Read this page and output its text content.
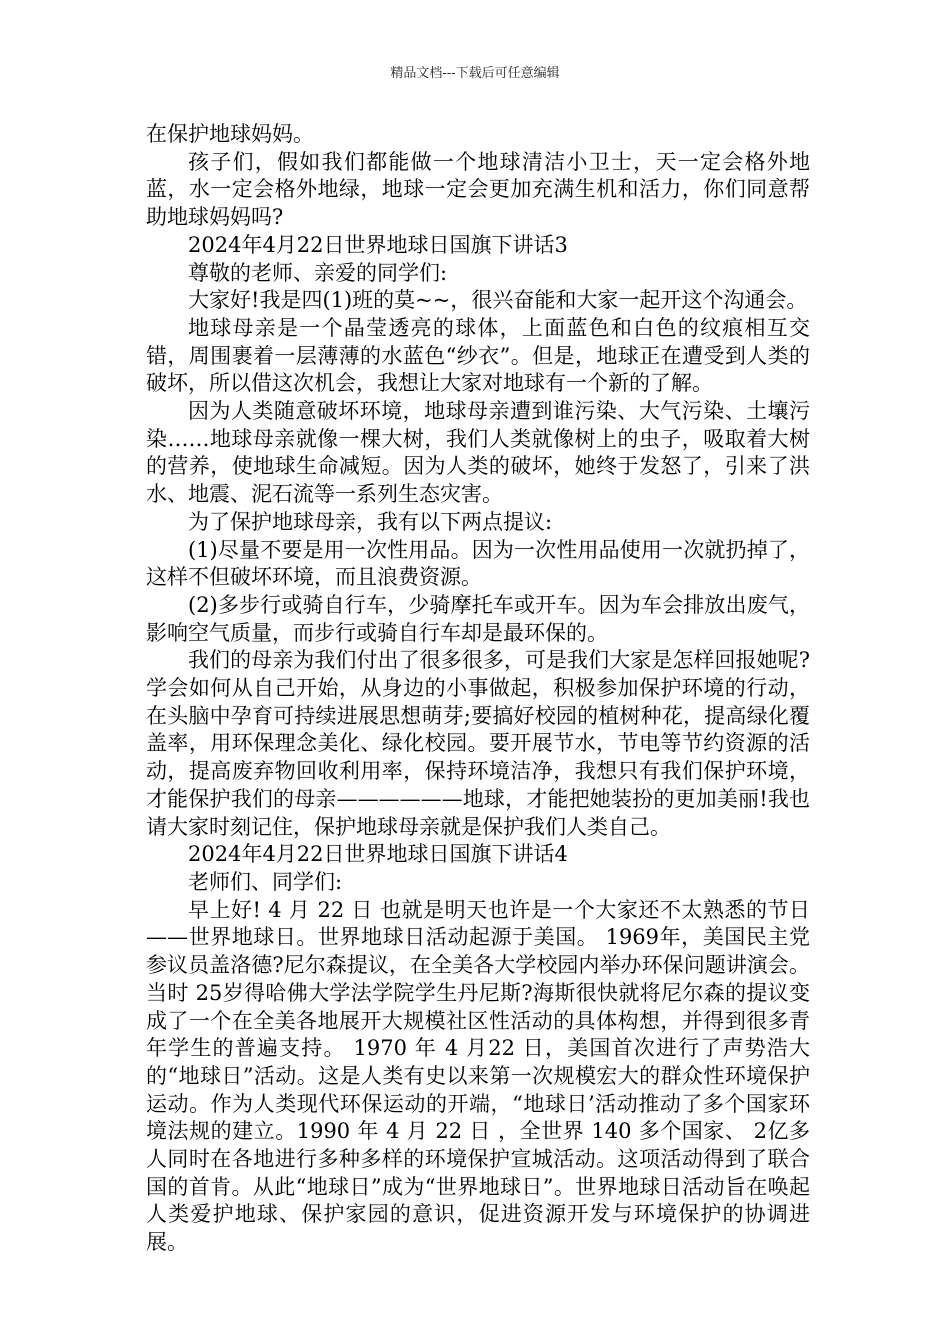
精品文档---下载后可任意编辑

在保护地球妈妈。

孩子们，假如我们都能做一个地球清洁小卫士，天一定会格外地蓝，水一定会格外地绿，地球一定会更加充满生机和活力，你们同意帮助地球妈妈吗?

2024年4月22日世界地球日国旗下讲话3

尊敬的老师、亲爱的同学们:

大家好!我是四(1)班的莫~~，很兴奋能和大家一起开这个沟通会。

地球母亲是一个晶莹透亮的球体，上面蓝色和白色的纹痕相互交错，周围裹着一层薄薄的水蓝色“纱衣”。但是，地球正在遭受到人类的破坏，所以借这次机会，我想让大家对地球有一个新的了解。

因为人类随意破坏环境，地球母亲遭到谁污染、大气污染、土壤污染……地球母亲就像一棵大树，我们人类就像树上的虫子，吸取着大树的营养，使地球生命减短。因为人类的破坏，她终于发怒了，引来了洪水、地震、泥石流等一系列生态灾害。

为了保护地球母亲，我有以下两点提议:

(1)尽量不要是用一次性用品。因为一次性用品使用一次就扔掉了，这样不但破坏环境，而且浪费资源。

(2)多步行或骑自行车，少骑摩托车或开车。因为车会排放出废气，影响空气质量，而步行或骑自行车却是最环保的。

我们的母亲为我们付出了很多很多，可是我们大家是怎样回报她呢?学会如何从自己开始，从身边的小事做起，积极参加保护环境的行动，在头脑中孕育可持续进展思想萌芽;要搞好校园的植树种花，提高绿化覆盖率，用环保理念美化、绿化校园。要开展节水，节电等节约资源的活动，提高废弃物回收利用率，保持环境洁净，我想只有我们保护环境，才能保护我们的母亲——————地球，才能把她装扮的更加美丽!我也请大家时刻记住，保护地球母亲就是保护我们人类自己。

2024年4月22日世界地球日国旗下讲话4

老师们、同学们:

早上好! 4 月 22 日 也就是明天也许是一个大家还不太熟悉的节日——世界地球日。世界地球日活动起源于美国。 1969年，美国民主党参议员盖洛德?尼尔森提议，在全美各大学校园内举办环保问题讲演会。当时 25岁得哈佛大学法学院学生丹尼斯?海斯很快就将尼尔森的提议变成了一个在全美各地展开大规模社区性活动的具体构想，并得到很多青年学生的普遍支持。 1970 年 4 月22 日，美国首次进行了声势浩大的“地球日”活动。这是人类有史以来第一次规模宏大的群众性环境保护运动。作为人类现代环保运动的开端，“地球日’活动推动了多个国家环境法规的建立。1990 年 4 月 22 日 ，全世界 140 多个国家、 2亿多人同时在各地进行多种多样的环境保护宣城活动。这项活动得到了联合国的首肯。从此“地球日”成为“世界地球日”。世界地球日活动旨在唤起人类爱护地球、保护家园的意识，促进资源开发与环境保护的协调进展。
